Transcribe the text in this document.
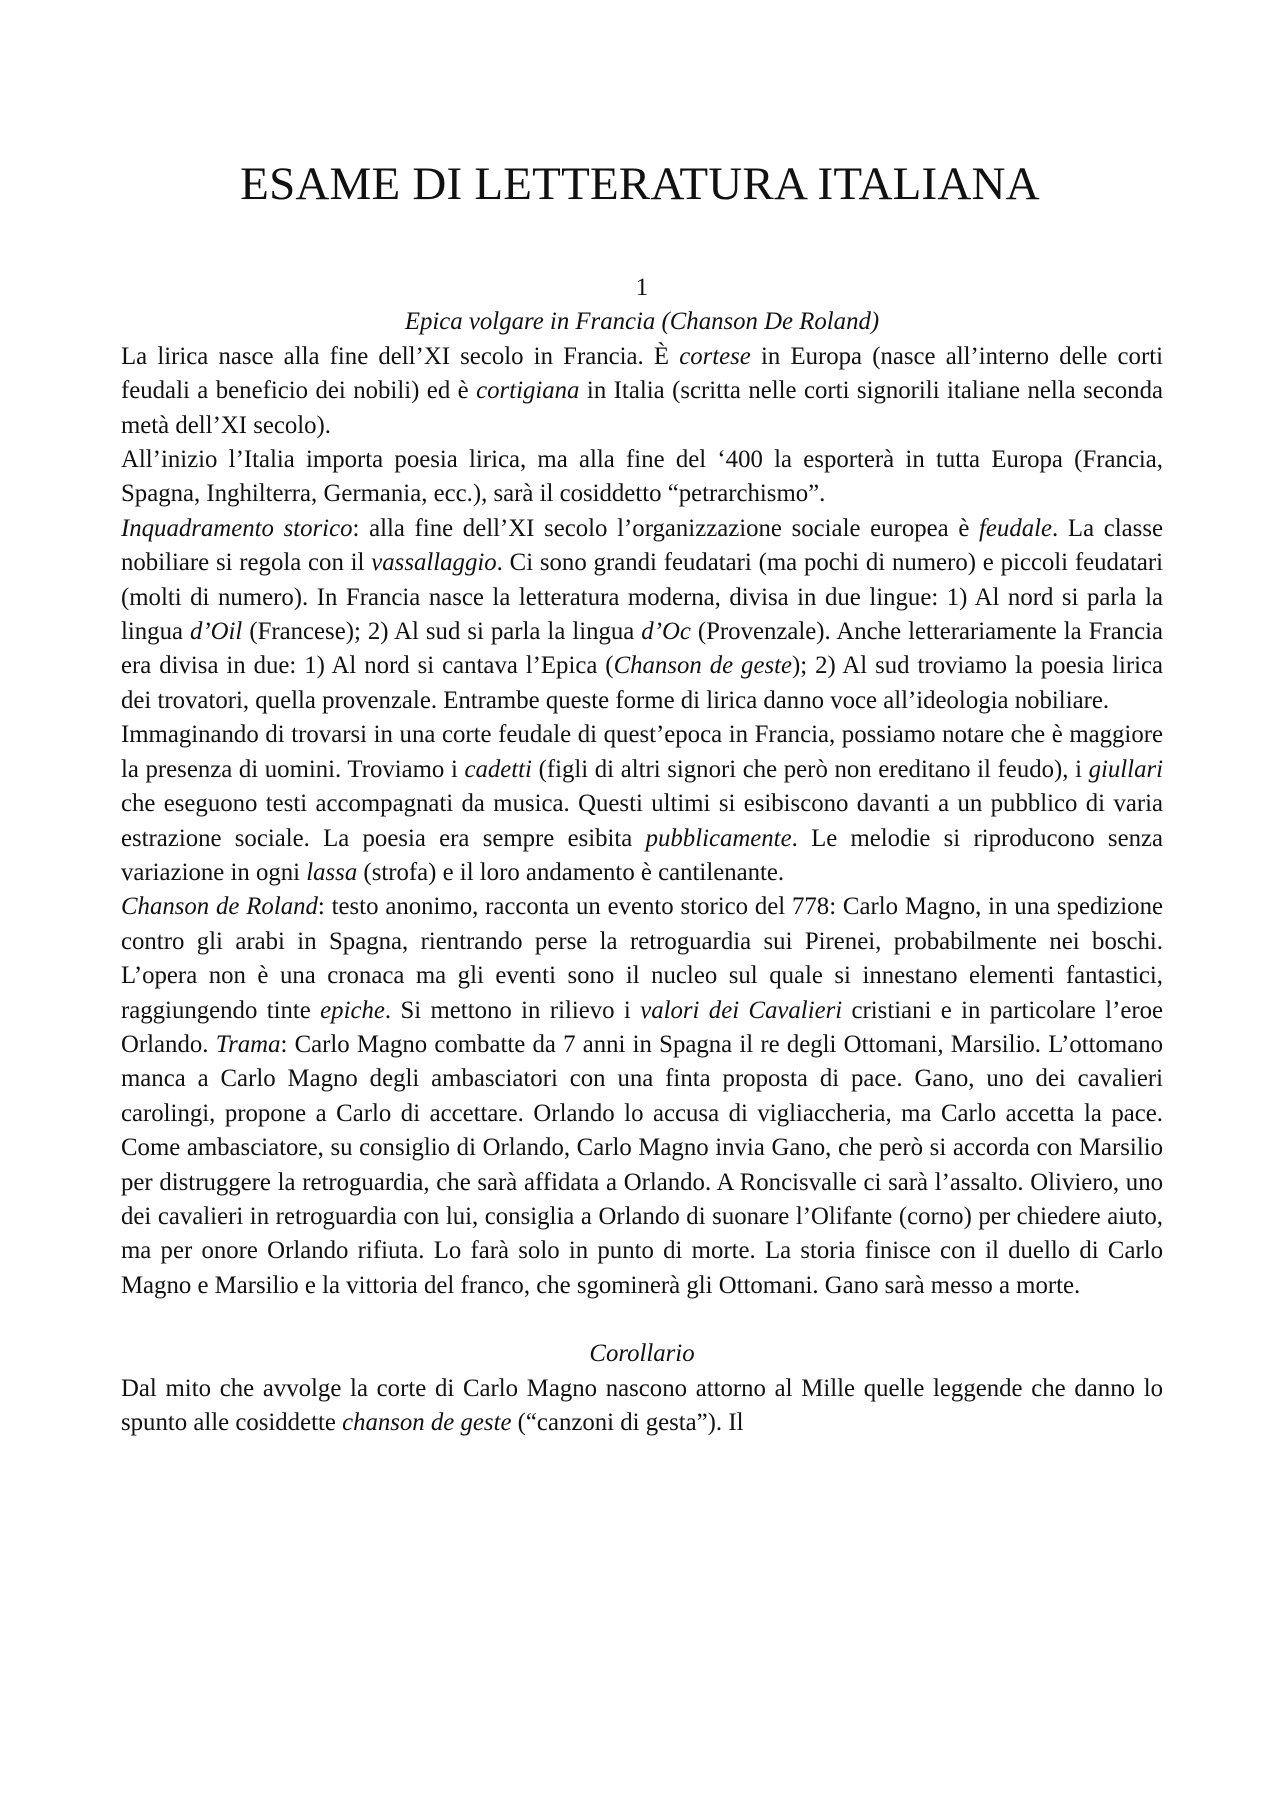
ESAME DI LETTERATURA ITALIANA
1
Epica volgare in Francia (Chanson De Roland)

La lirica nasce alla fine dell’XI secolo in Francia. È cortese in Europa (nasce all’interno delle corti feudali a beneficio dei nobili) ed è cortigiana in Italia (scritta nelle corti signorili italiane nella seconda metà dell’XI secolo).

All’inizio l’Italia importa poesia lirica, ma alla fine del ‘400 la esporterà in tutta Europa (Francia, Spagna, Inghilterra, Germania, ecc.), sarà il cosiddetto “petrarchismo”.

Inquadramento storico: alla fine dell’XI secolo l’organizzazione sociale europea è feudale. La classe nobiliare si regola con il vassallaggio. Ci sono grandi feudatari (ma pochi di numero) e piccoli feudatari (molti di numero). In Francia nasce la letteratura moderna, divisa in due lingue: 1) Al nord si parla la lingua d’Oil (Francese); 2) Al sud si parla la lingua d’Oc (Provenzale). Anche letterariamente la Francia era divisa in due: 1) Al nord si cantava l’Epica (Chanson de geste); 2) Al sud troviamo la poesia lirica dei trovatori, quella provenzale. Entrambe queste forme di lirica danno voce all’ideologia nobiliare.

Immaginando di trovarsi in una corte feudale di quest’epoca in Francia, possiamo notare che è maggiore la presenza di uomini. Troviamo i cadetti (figli di altri signori che però non ereditano il feudo), i giullari che eseguono testi accompagnati da musica. Questi ultimi si esibiscono davanti a un pubblico di varia estrazione sociale. La poesia era sempre esibita pubblicamente. Le melodie si riproducono senza variazione in ogni lassa (strofa) e il loro andamento è cantilenante.

Chanson de Roland: testo anonimo, racconta un evento storico del 778: Carlo Magno, in una spedizione contro gli arabi in Spagna, rientrando perse la retroguardia sui Pirenei, probabilmente nei boschi. L’opera non è una cronaca ma gli eventi sono il nucleo sul quale si innestano elementi fantastici, raggiungendo tinte epiche. Si mettono in rilievo i valori dei Cavalieri cristiani e in particolare l’eroe Orlando. Trama: Carlo Magno combatte da 7 anni in Spagna il re degli Ottomani, Marsilio. L’ottomano manca a Carlo Magno degli ambasciatori con una finta proposta di pace. Gano, uno dei cavalieri carolingi, propone a Carlo di accettare. Orlando lo accusa di vigliaccheria, ma Carlo accetta la pace. Come ambasciatore, su consiglio di Orlando, Carlo Magno invia Gano, che però si accorda con Marsilio per distruggere la retroguardia, che sarà affidata a Orlando. A Roncisvalle ci sarà l’assalto. Oliviero, uno dei cavalieri in retroguardia con lui, consiglia a Orlando di suonare l’Olifante (corno) per chiedere aiuto, ma per onore Orlando rifiuta. Lo farà solo in punto di morte. La storia finisce con il duello di Carlo Magno e Marsilio e la vittoria del franco, che sgominerà gli Ottomani. Gano sarà messo a morte.

Corollario

Dal mito che avvolge la corte di Carlo Magno nascono attorno al Mille quelle leggende che danno lo spunto alle cosiddette chanson de geste (“canzoni di gesta”). Il
